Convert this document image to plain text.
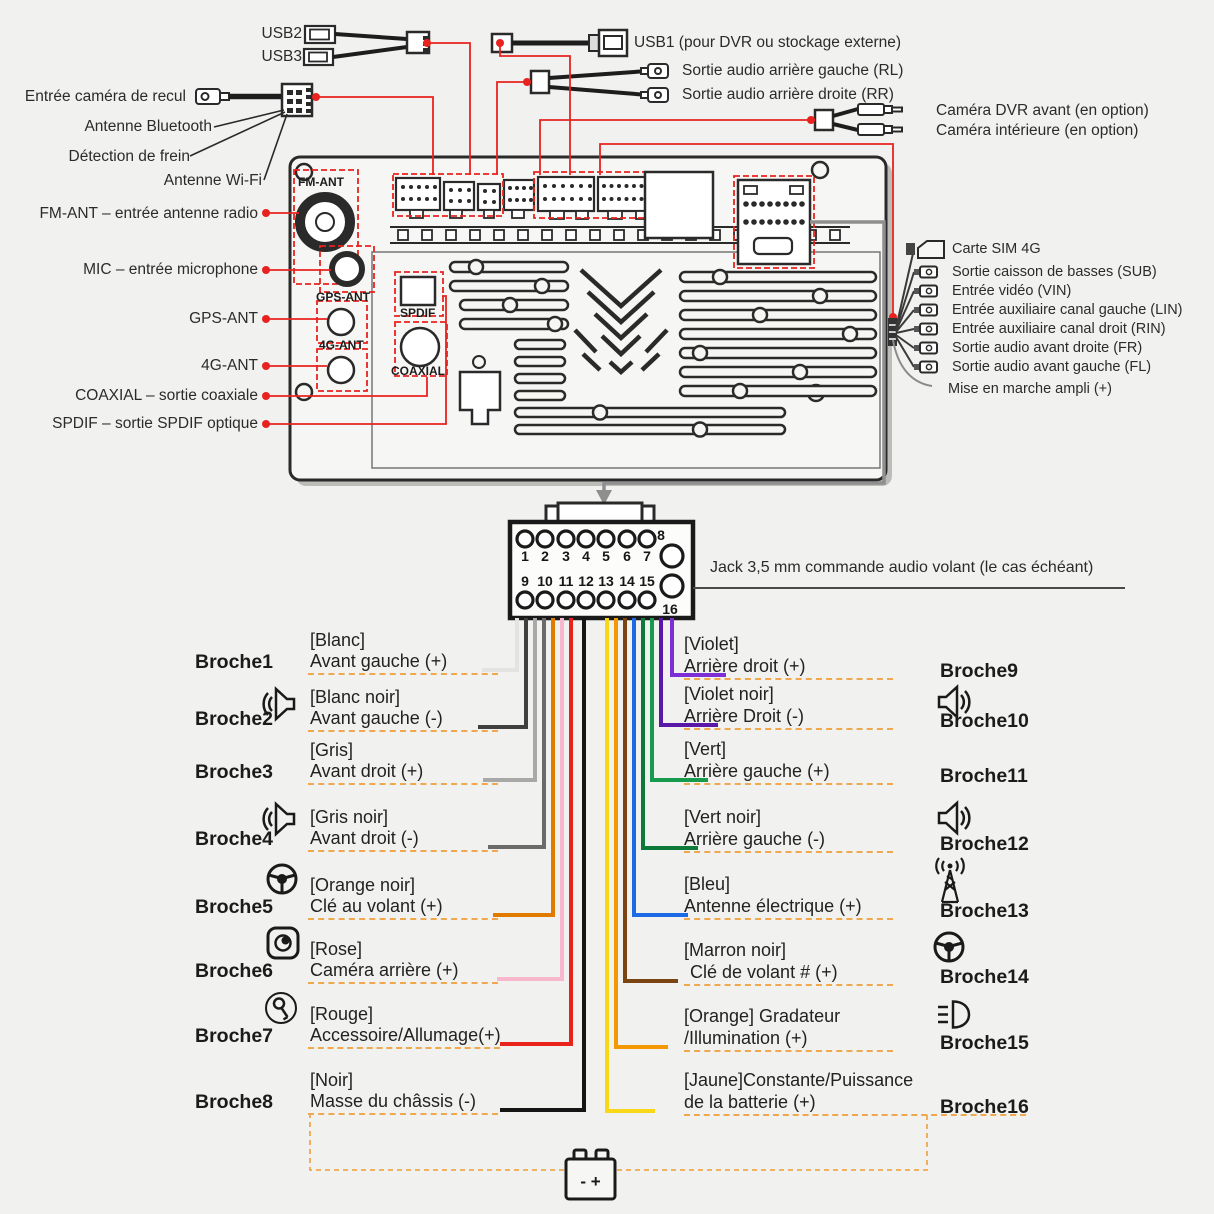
1 2 3 4 5 6 7
8
9 10 11 12 13 14 15
16
- +
USB2
USB3
USB1 (pour DVR ou stockage externe)
Sortie audio arrière gauche (RL)
Sortie audio arrière droite (RR)
Caméra DVR avant (en option)
Caméra intérieure (en option)
Entrée caméra de recul
Antenne Bluetooth
Détection de frein
Antenne Wi-Fi
FM-ANT – entrée antenne radio
MIC – entrée microphone
GPS-ANT
4G-ANT
COAXIAL – sortie coaxiale
SPDIF – sortie SPDIF optique
FM-ANT
GPS-ANT
4G-ANT
SPDIF
COAXIAL
Carte SIM 4G
Sortie caisson de basses (SUB)
Entrée vidéo (VIN)
Entrée auxiliaire canal gauche (LIN)
Entrée auxiliaire canal droit (RIN)
Sortie audio avant droite (FR)
Sortie audio avant gauche (FL)
Mise en marche ampli (+)
Jack 3,5 mm commande audio volant (le cas échéant)
Broche1
[Blanc]
Avant gauche (+)
Broche2
[Blanc noir]
Avant gauche (-)
Broche3
[Gris]
Avant droit (+)
Broche4
[Gris noir]
Avant droit (-)
Broche5
[Orange noir]
Clé au volant (+)
Broche6
[Rose]
Caméra arrière (+)
Broche7
[Rouge]
Accessoire/Allumage(+)
Broche8
[Noir]
Masse du châssis (-)
Broche9
[Violet]
Arrière droit (+)
Broche10
[Violet noir]
Arrière Droit (-)
Broche11
[Vert]
Arrière gauche (+)
Broche12
[Vert noir]
Arrière gauche (-)
Broche13
[Bleu]
Antenne électrique (+)
Broche14
[Marron noir]
Clé de volant # (+)
Broche15
[Orange] Gradateur
/Illumination (+)
Broche16
[Jaune]Constante/Puissance
de la batterie (+)
